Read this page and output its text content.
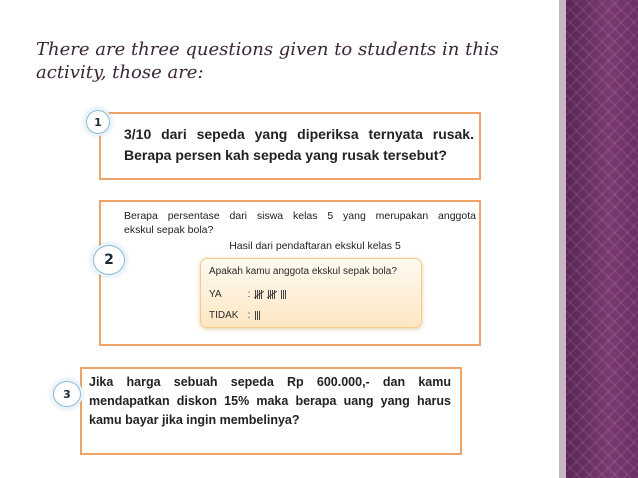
There are three questions given to students in this
activity, those are:
1
3/10 dari sepeda yang diperiksa ternyata rusak.
Berapa persen kah sepeda yang rusak tersebut?
2
Berapa persentase dari siswa kelas 5 yang merupakan anggota
ekskul sepak bola?
Hasil dari pendaftaran ekskul kelas 5
Apakah kamu anggota ekskul sepak bola?
YA	:
TIDAK :
3
Jika harga sebuah sepeda Rp 600.000,- dan kamu
mendapatkan diskon 15% maka berapa uang yang harus
kamu bayar jika ingin membelinya?
